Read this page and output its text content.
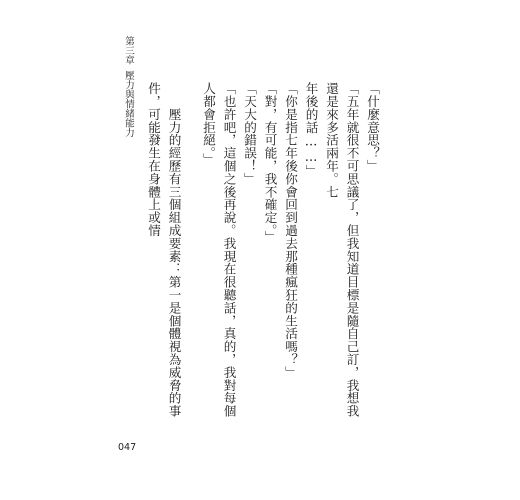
第三章壓力與情緒能力	「什麼意思？」

「五年就很不可思議了，但我知道目標是隨自己訂，我想我還是來多活兩年。七
年後的話……」

「你是指七年後你會回到過去那種瘋狂的生活嗎？」

「對，有可能，我不確定。」

「天大的錯誤！」

「也許吧，這個之後再說。我現在很聽話，真的，我對每個人都會拒絕。」

　　壓力的經歷有三個組成要素：第一是個體視為威脅的事件，可能發生在身體上或情

047
